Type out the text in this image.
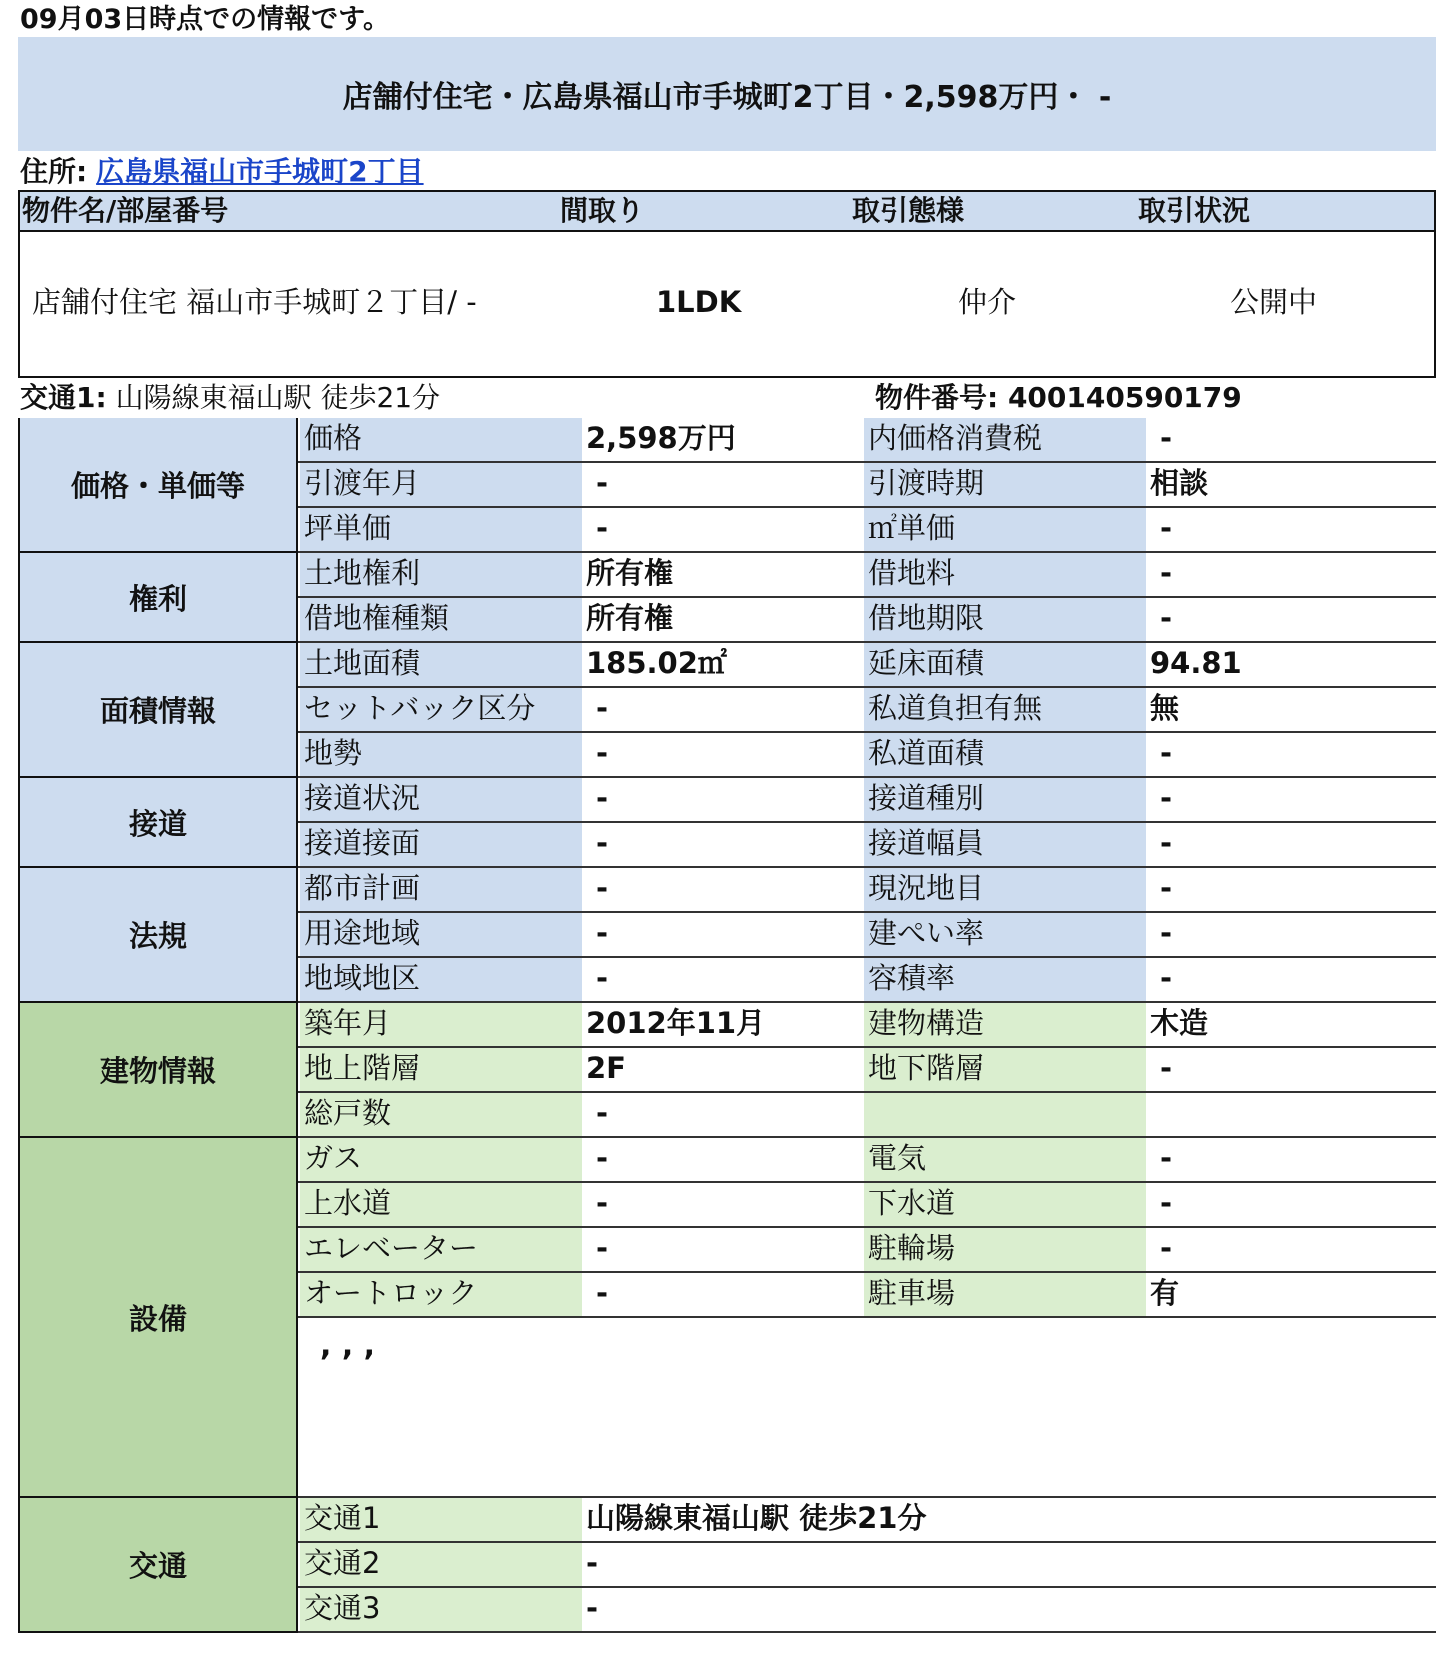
09月03日時点での情報です。
店舗付住宅・広島県福山市手城町2丁目・2,598万円・ -
住所: 広島県福山市手城町2丁目
物件名/部屋番号	間取り	取引態様	取引状況
店舗付住宅 福山市手城町２丁目/ -	1LDK	仲介	公開中
交通1: 山陽線東福山駅 徒歩21分	物件番号: 400140590179
価格・単価等
価格	2,598万円	内価格消費税	-
引渡年月	-	引渡時期	相談
坪単価	-	㎡単価	-
権利
土地権利	所有権	借地料	-
借地権種類	所有権	借地期限	-
面積情報
土地面積	185.02㎡	延床面積	94.81
セットバック区分	-	私道負担有無	無
地勢	-	私道面積	-
接道
接道状況	-	接道種別	-
接道接面	-	接道幅員	-
法規
都市計画	-	現況地目	-
用途地域	-	建ぺい率	-
地域地区	-	容積率	-
建物情報
築年月	2012年11月	建物構造	木造
地上階層	2F	地下階層	-
総戸数	-
設備
ガス	-	電気	-
上水道	-	下水道	-
エレベーター	-	駐輪場	-
オートロック	-	駐車場	有
, , ,
交通
交通1	山陽線東福山駅 徒歩21分
交通2	-
交通3	-
